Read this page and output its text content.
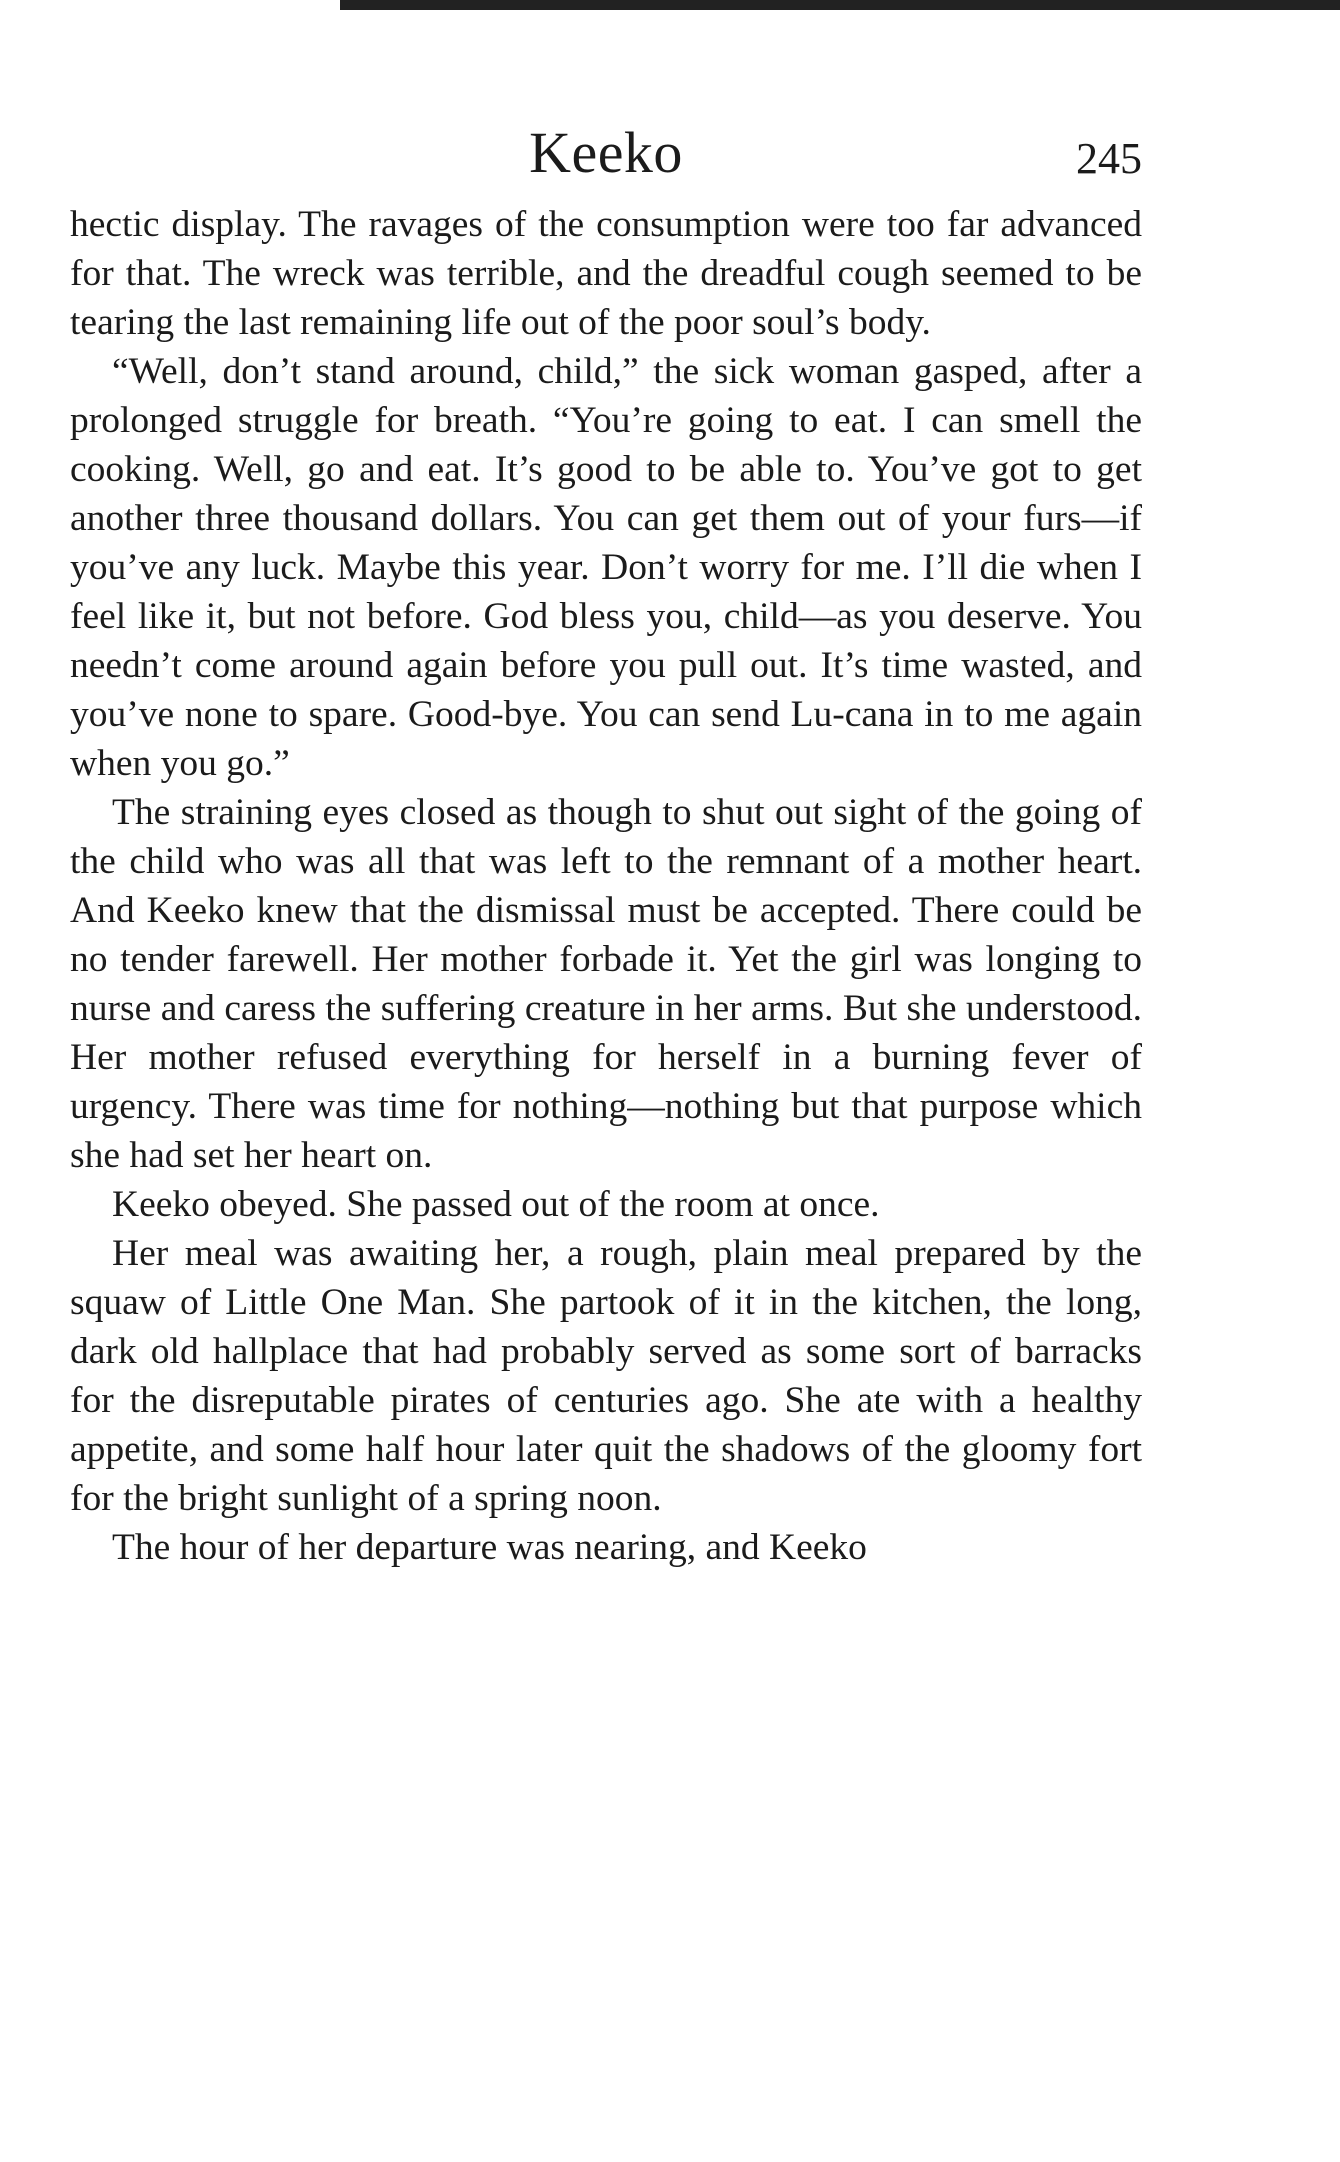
Keeko	245

hectic display. The ravages of the consumption were too far advanced for that. The wreck was terrible, and the dreadful cough seemed to be tearing the last remaining life out of the poor soul’s body.

“Well, don’t stand around, child,” the sick woman gasped, after a prolonged struggle for breath. “You’re going to eat. I can smell the cooking. Well, go and eat. It’s good to be able to. You’ve got to get another three thousand dollars. You can get them out of your furs—if you’ve any luck. Maybe this year. Don’t worry for me. I’ll die when I feel like it, but not before. God bless you, child—as you deserve. You needn’t come around again before you pull out. It’s time wasted, and you’ve none to spare. Good-bye. You can send Lu-cana in to me again when you go.”

The straining eyes closed as though to shut out sight of the going of the child who was all that was left to the remnant of a mother heart. And Keeko knew that the dismissal must be accepted. There could be no tender farewell. Her mother forbade it. Yet the girl was longing to nurse and caress the suffering creature in her arms. But she understood. Her mother refused everything for herself in a burning fever of urgency. There was time for nothing—nothing but that purpose which she had set her heart on.

Keeko obeyed. She passed out of the room at once.

Her meal was awaiting her, a rough, plain meal prepared by the squaw of Little One Man. She partook of it in the kitchen, the long, dark old hallplace that had probably served as some sort of barracks for the disreputable pirates of centuries ago. She ate with a healthy appetite, and some half hour later quit the shadows of the gloomy fort for the bright sunlight of a spring noon.

The hour of her departure was nearing, and Keeko
